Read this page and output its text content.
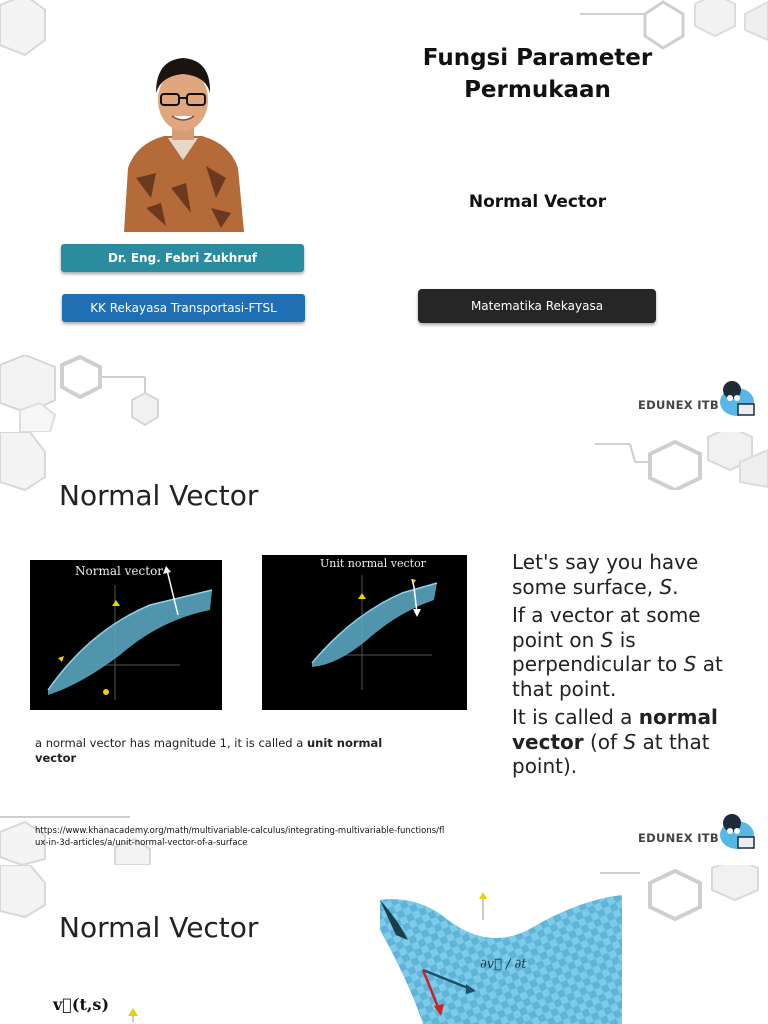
Fungsi Parameter
Permukaan
Normal Vector
Dr. Eng. Febri Zukhruf
KK Rekayasa Transportasi-FTSL	Matematika Rekayasa
EDUNEX ITB
Normal Vector
Normal vector
Unit normal vector
a normal vector has magnitude 1, it is called a unit normal vector

Let's say you have some surface, S.

If a vector at some point on S is perpendicular to S at that point.

It is called a normal vector (of S at that point).

https://www.khanacademy.org/math/multivariable-calculus/integrating-multivariable-functions/flux-in-3d-articles/a/unit-normal-vector-of-a-surface	EDUNEX ITB
Normal Vector
v⃗(t,s)
∂v⃗ / ∂t
